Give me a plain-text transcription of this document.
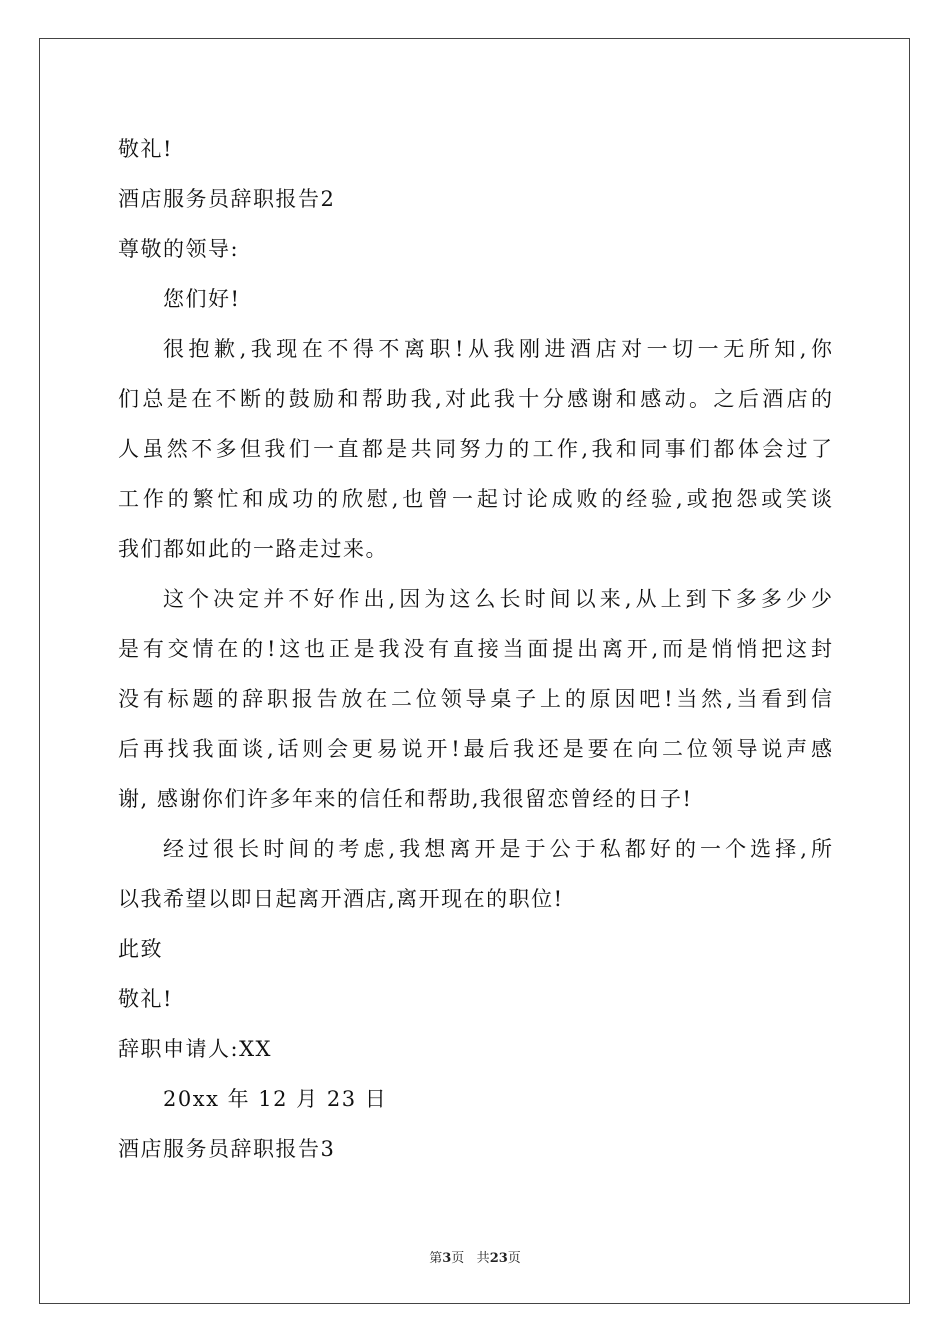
敬礼!
酒店服务员辞职报告2
尊敬的领导:
您们好!
很抱歉,我现在不得不离职!从我刚进酒店对一切一无所知,你
们总是在不断的鼓励和帮助我,对此我十分感谢和感动。之后酒店的
人虽然不多但我们一直都是共同努力的工作,我和同事们都体会过了
工作的繁忙和成功的欣慰,也曾一起讨论成败的经验,或抱怨或笑谈
我们都如此的一路走过来。
这个决定并不好作出,因为这么长时间以来,从上到下多多少少
是有交情在的!这也正是我没有直接当面提出离开,而是悄悄把这封
没有标题的辞职报告放在二位领导桌子上的原因吧!当然,当看到信
后再找我面谈,话则会更易说开!最后我还是要在向二位领导说声感
谢, 感谢你们许多年来的信任和帮助,我很留恋曾经的日子!
经过很长时间的考虑,我想离开是于公于私都好的一个选择,所
以我希望以即日起离开酒店,离开现在的职位!
此致
敬礼!
辞职申请人:XX
20xx 年 12 月 23 日
酒店服务员辞职报告3
第3页 共23页
